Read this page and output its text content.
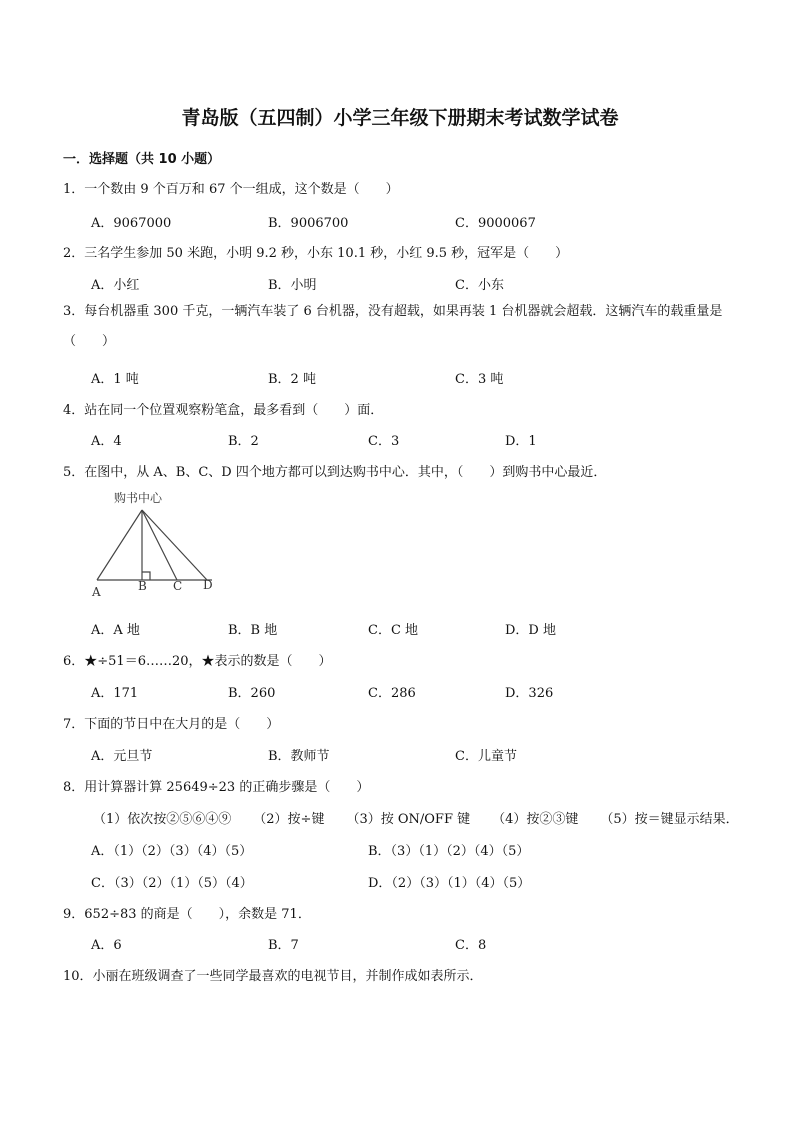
青岛版（五四制）小学三年级下册期末考试数学试卷
一．选择题（共 10 小题）
1．一个数由 9 个百万和 67 个一组成，这个数是（　　）
A．9067000	B．9006700	C．9000067
2．三名学生参加 50 米跑，小明 9.2 秒，小东 10.1 秒，小红 9.5 秒，冠军是（　　）
A．小红	B．小明	C．小东
3．每台机器重 300 千克，一辆汽车装了 6 台机器，没有超载，如果再装 1 台机器就会超载．这辆汽车的载重量是（　　）
A．1 吨	B．2 吨	C．3 吨
4．站在同一个位置观察粉笔盒，最多看到（　　）面．
A．4	B．2	C．3	D．1
5．在图中，从 A、B、C、D 四个地方都可以到达购书中心．其中，（　　）到购书中心最近．
购书中心
A	B C D
A．A 地	B．B 地	C．C 地	D．D 地
6．★÷51＝6……20，★表示的数是（　　）
A．171	B．260	C．286	D．326
7．下面的节日中在大月的是（　　）
A．元旦节	B．教师节	C．儿童节
8．用计算器计算 25649÷23 的正确步骤是（　　）
（1）依次按②⑤⑥④⑨ （2）按÷键 （3）按 ON/OFF 键 （4）按②③键 （5）按＝键显示结果．
A．（1）（2）（3）（4）（5）	B．（3）（1）（2）（4）（5）
C．（3）（2）（1）（5）（4）	D．（2）（3）（1）（4）（5）
9．652÷83 的商是（　　），余数是 71．
A．6	B．7	C．8
10．小丽在班级调查了一些同学最喜欢的电视节目，并制作成如表所示．
